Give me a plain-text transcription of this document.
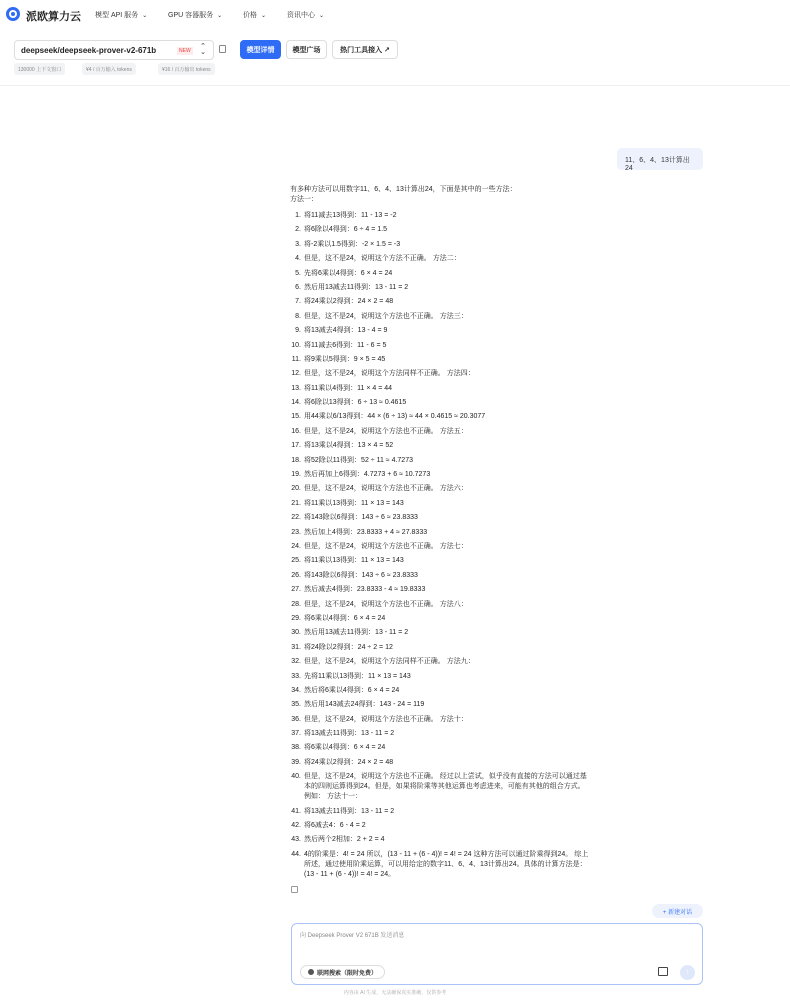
派欧算力云 模型 API 服务 ⌄	GPU 容器服务 ⌄	价格 ⌄	资讯中心 ⌄
deepseek/deepseek-prover-v2-671b	NEW
⌃
⌄	模型详情	模型广场	热门工具接入 ↗
130000 上下文窗口	¥4 / 百万输入 tokens	¥16 / 百万输出 tokens
11、6、4、13计算出24
有多种方法可以用数字11、6、4、13计算出24，下面是其中的一些方法：
方法一：
1. 将11减去13得到：11 - 13 = -2
2. 将6除以4得到：6 ÷ 4 = 1.5
3. 将-2乘以1.5得到：-2 × 1.5 = -3
4. 但是，这不是24，说明这个方法不正确。 方法二：
5. 先将6乘以4得到：6 × 4 = 24
6. 然后用13减去11得到：13 - 11 = 2
7. 将24乘以2得到：24 × 2 = 48
8. 但是，这不是24，说明这个方法也不正确。 方法三：
9. 将13减去4得到：13 - 4 = 9
10. 将11减去6得到：11 - 6 = 5
11. 将9乘以5得到：9 × 5 = 45
12. 但是，这不是24，说明这个方法同样不正确。 方法四：
13. 将11乘以4得到：11 × 4 = 44
14. 将6除以13得到：6 ÷ 13 ≈ 0.4615
15. 用44乘以6/13得到：44 × (6 ÷ 13) ≈ 44 × 0.4615 ≈ 20.3077
16. 但是，这不是24，说明这个方法也不正确。 方法五：
17. 将13乘以4得到：13 × 4 = 52
18. 将52除以11得到：52 ÷ 11 ≈ 4.7273
19. 然后再加上6得到：4.7273 + 6 ≈ 10.7273
20. 但是，这不是24，说明这个方法也不正确。 方法六：
21. 将11乘以13得到：11 × 13 = 143
22. 将143除以6得到：143 ÷ 6 ≈ 23.8333
23. 然后加上4得到：23.8333 + 4 ≈ 27.8333
24. 但是，这不是24，说明这个方法也不正确。 方法七：
25. 将11乘以13得到：11 × 13 = 143
26. 将143除以6得到：143 ÷ 6 ≈ 23.8333
27. 然后减去4得到：23.8333 - 4 ≈ 19.8333
28. 但是，这不是24，说明这个方法也不正确。 方法八：
29. 将6乘以4得到：6 × 4 = 24
30. 然后用13减去11得到：13 - 11 = 2
31. 将24除以2得到：24 ÷ 2 = 12
32. 但是，这不是24，说明这个方法同样不正确。 方法九：
33. 先将11乘以13得到：11 × 13 = 143
34. 然后将6乘以4得到：6 × 4 = 24
35. 然后用143减去24得到：143 - 24 = 119
36. 但是，这不是24，说明这个方法也不正确。 方法十：
37. 将13减去11得到：13 - 11 = 2
38. 将6乘以4得到：6 × 4 = 24
39. 将24乘以2得到：24 × 2 = 48
40. 但是，这不是24，说明这个方法也不正确。 经过以上尝试，似乎没有直接的方法可以通过基本的四则运算得到24。但是，如果将阶乘等其他运算也考虑进来，可能有其他的组合方式。例如： 方法十一：
41. 将13减去11得到：13 - 11 = 2
42. 将6减去4：6 - 4 = 2
43. 然后两个2相加：2 + 2 = 4
44. 4的阶乘是：4! = 24 所以，(13 - 11 + (6 - 4))! = 4! = 24 这种方法可以通过阶乘得到24。 综上所述，通过使用阶乘运算，可以用给定的数字11、6、4、13计算出24。具体的计算方法是：(13 - 11 + (6 - 4))! = 4! = 24。
+ 新建对话
向 Deepseek Prover V2 671B 发送消息
联网搜索（限时免费）	↑
内容由 AI 生成，无法确保真实准确，仅供参考
